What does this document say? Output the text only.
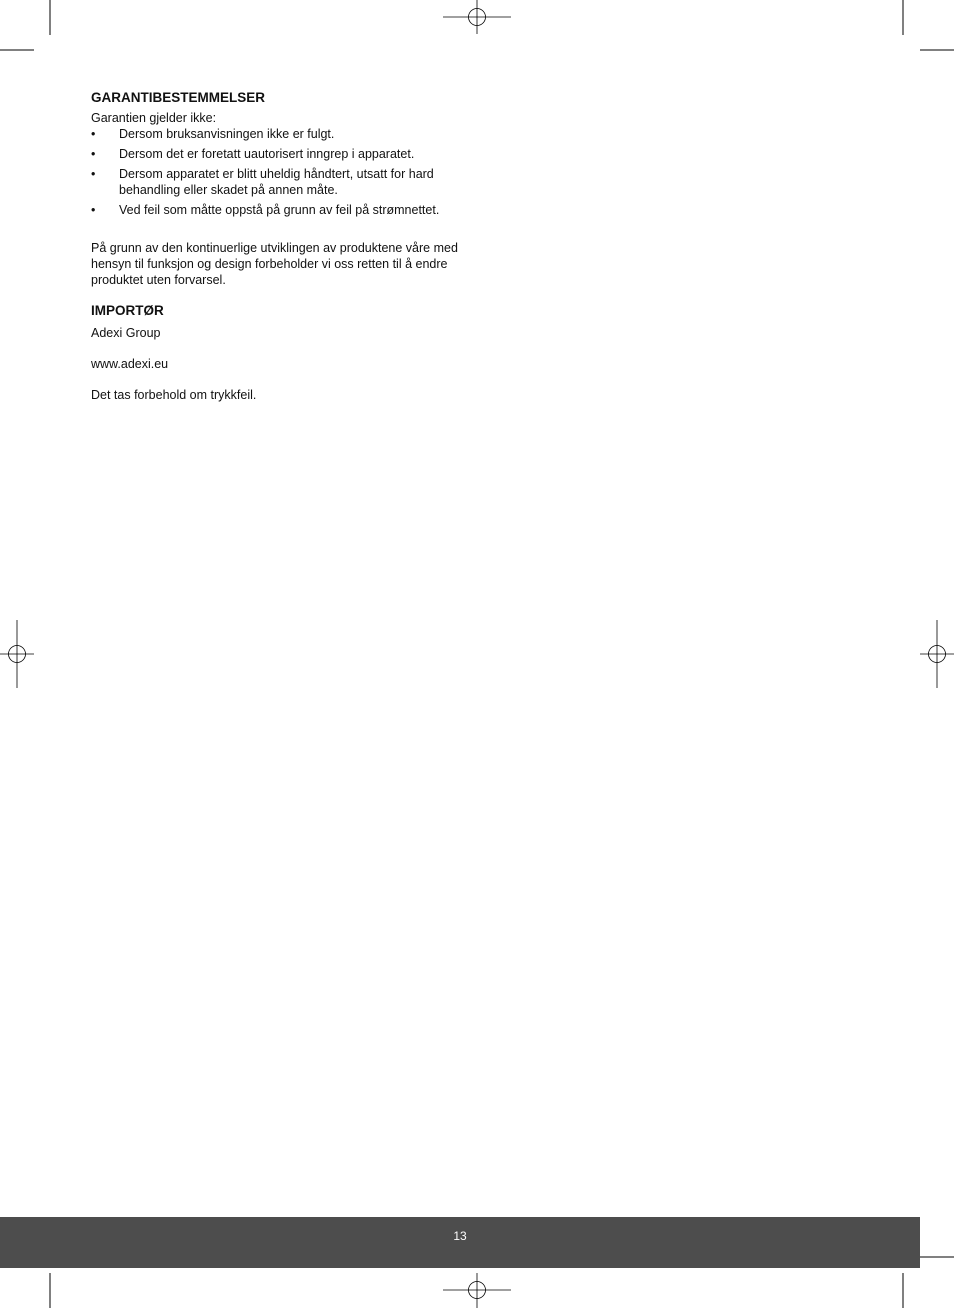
GARANTIBESTEMMELSER
Garantien gjelder ikke:
• Dersom bruksanvisningen ikke er fulgt.
• Dersom det er foretatt uautorisert inngrep i apparatet.
• Dersom apparatet er blitt uheldig håndtert, utsatt for hard behandling eller skadet på annen måte.
• Ved feil som måtte oppstå på grunn av feil på strømnettet.
På grunn av den kontinuerlige utviklingen av produktene våre med hensyn til funksjon og design forbeholder vi oss retten til å endre produktet uten forvarsel.
IMPORTØR
Adexi Group
www.adexi.eu
Det tas forbehold om trykkfeil.
13
